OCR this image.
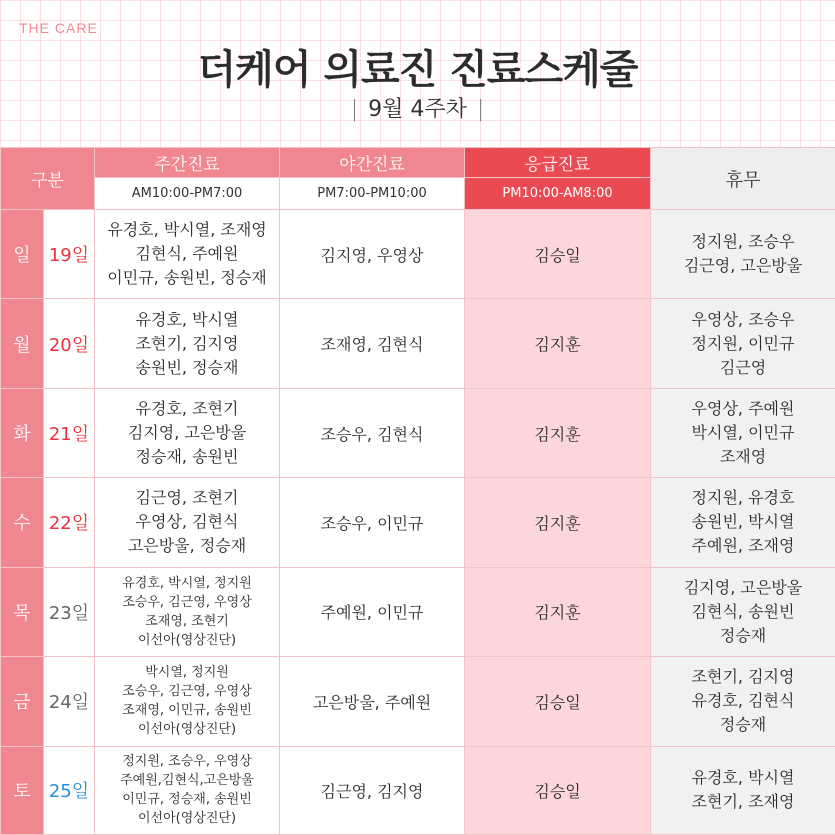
THE CARE
더케어 의료진 진료스케줄
| 9월 4주차 |
구분		주간진료	야간진료	응급진료	휴무
		AM10:00-PM7:00	PM7:00-PM10:00	PM10:00-AM8:00	
일	19일	유경호, 박시열, 조재영
김현식, 주예원
이민규, 송원빈, 정승재	김지영, 우영상	김승일	정지원, 조승우
김근영, 고은방울

월	20일	유경호, 박시열
조현기, 김지영
송원빈, 정승재	조재영, 김현식	김지훈	우영상, 조승우
정지원, 이민규
김근영

화	21일	유경호, 조현기
김지영, 고은방울
정승재, 송원빈	조승우, 김현식	김지훈	우영상, 주예원
박시열, 이민규
조재영

수	22일	김근영, 조현기
우영상, 김현식
고은방울, 정승재	조승우, 이민규	김지훈	정지원, 유경호
송원빈, 박시열
주예원, 조재영

목	23일	유경호, 박시열, 정지원
조승우, 김근영, 우영상
조재영, 조현기
이선아(영상진단)	주예원, 이민규	김지훈	김지영, 고은방울
김현식, 송원빈
정승재

금	24일	박시열, 정지원
조승우, 김근영, 우영상
조재영, 이민규, 송원빈
이선아(영상진단)	고은방울, 주예원	김승일	조현기, 김지영
유경호, 김현식
정승재

토	25일	정지원, 조승우, 우영상
주예원,김현식,고은방울
이민규, 정승재, 송원빈
이선아(영상진단)	김근영, 김지영	김승일	유경호, 박시열
조현기, 조재영
